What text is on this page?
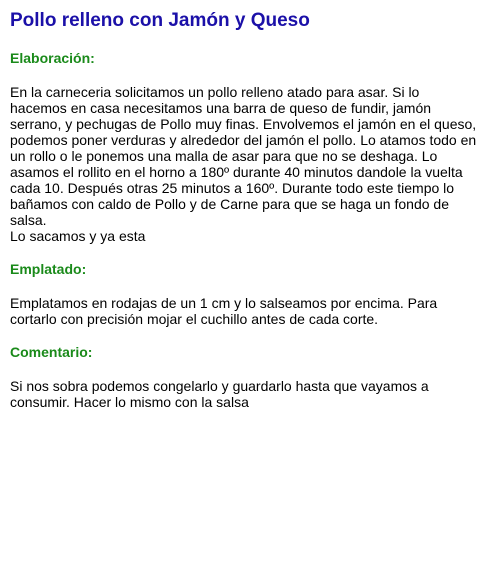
Pollo relleno con Jamón y Queso
Elaboración:

En la carneceria solicitamos un pollo relleno atado para asar. Si lo hacemos en casa necesitamos una barra de queso de fundir, jamón serrano, y pechugas de Pollo muy finas. Envolvemos el jamón en el queso, podemos poner verduras y alrededor del jamón el pollo. Lo atamos todo en un rollo o le ponemos una malla de asar para que no se deshaga. Lo asamos el rollito en el horno a 180º durante 40 minutos dandole la vuelta cada 10. Después otras 25 minutos a 160º. Durante todo este tiempo lo bañamos con caldo de Pollo y de Carne para que se haga un fondo de salsa.

Lo sacamos y ya esta

Emplatado:

Emplatamos en rodajas de un 1 cm y lo salseamos por encima. Para cortarlo con precisión mojar el cuchillo antes de cada corte.

Comentario:

Si nos sobra podemos congelarlo y guardarlo hasta que vayamos a consumir. Hacer lo mismo con la salsa
